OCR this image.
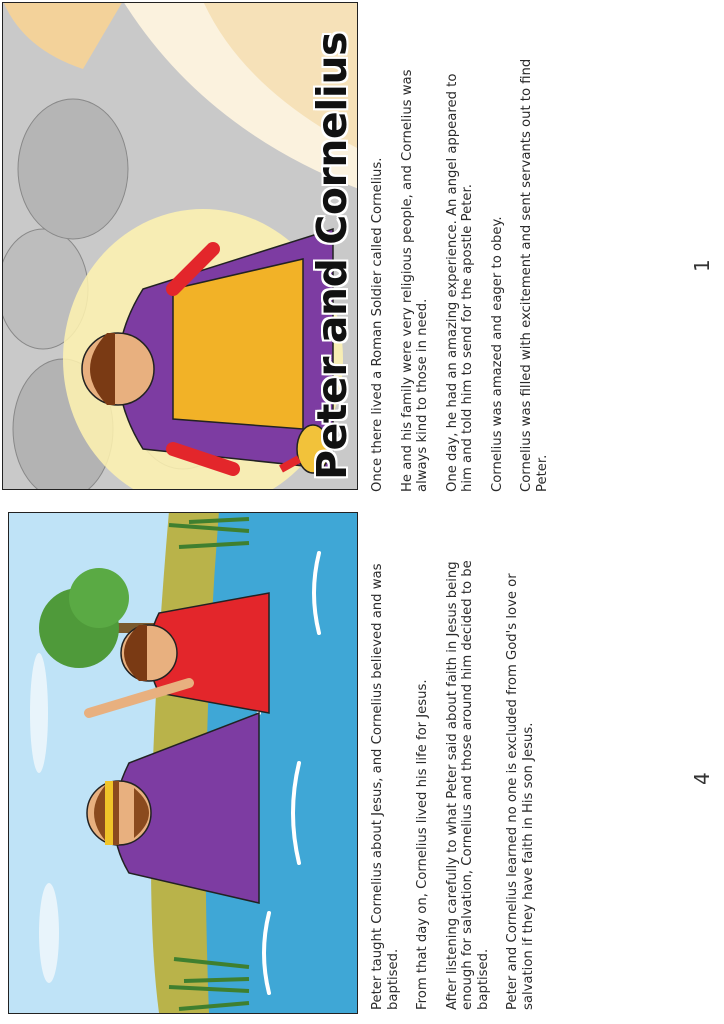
Peter taught Cornelius about Jesus, and Cornelius believed and was baptised. From that day on, Cornelius lived his life for Jesus. After listening carefully to what Peter said about faith in Jesus being enough for salvation, Cornelius and those around him decided to be baptised. Peter and Cornelius learned no one is excluded from God's love or salvation if they have faith in His son Jesus.	4
Peter and Cornelius Once there lived a Roman Soldier called Cornelius. He and his family were very religious people, and Cornelius was always kind to those in need. One day, he had an amazing experience. An angel appeared to him and told him to send for the apostle Peter. Cornelius was amazed and eager to obey. Cornelius was filled with excitement and sent servants out to find Peter.

1
